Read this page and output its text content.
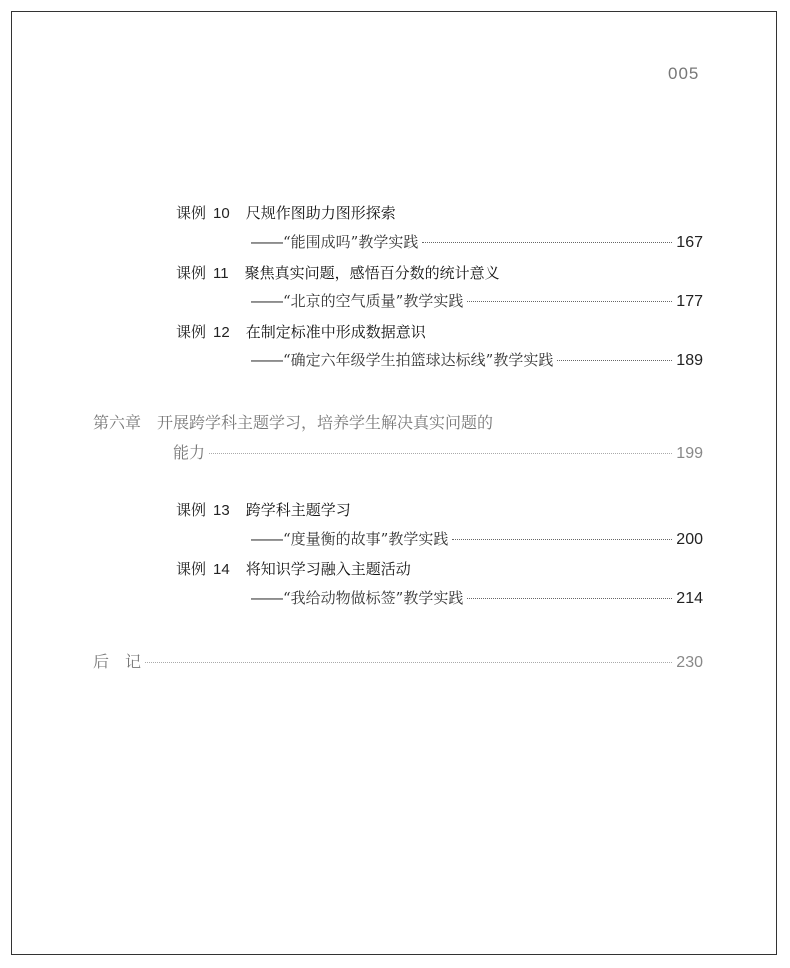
005
课例 10 尺规作图助力图形探索
—— “能围成吗”教学实践	167
课例 11 聚焦真实问题，感悟百分数的统计意义
—— “北京的空气质量”教学实践	177
课例 12 在制定标准中形成数据意识
—— “确定六年级学生拍篮球达标线”教学实践	189
第六章 开展跨学科主题学习，培养学生解决真实问题的
能力	199
课例 13 跨学科主题学习
—— “度量衡的故事”教学实践	200
课例 14 将知识学习融入主题活动
—— “我给动物做标签”教学实践	214
后　记	230
